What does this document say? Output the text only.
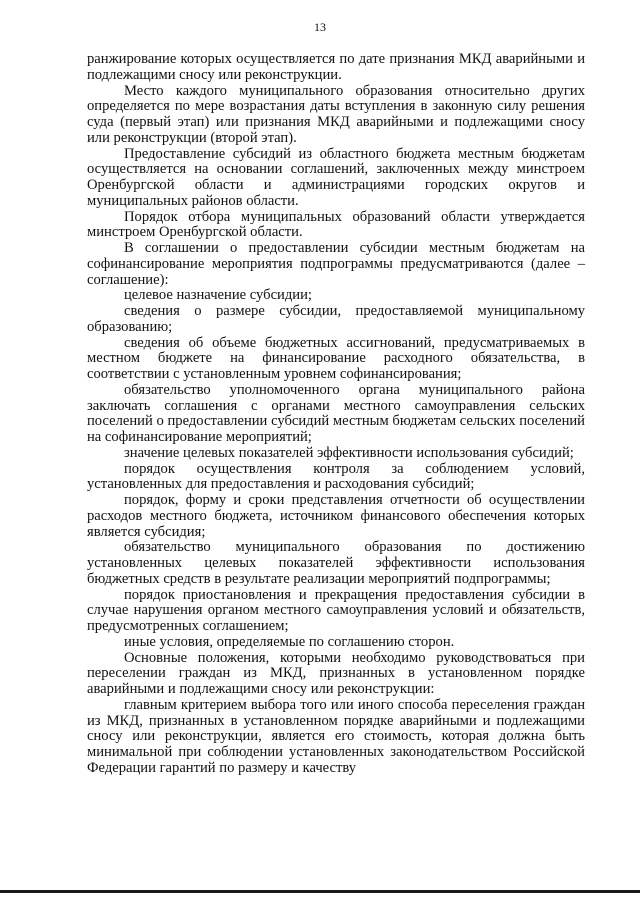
13

ранжирование которых осуществляется по дате признания МКД аварийными и подлежащими сносу или реконструкции.

Место каждого муниципального образования относительно других определяется по мере возрастания даты вступления в законную силу решения суда (первый этап) или признания МКД аварийными и подлежащими сносу или реконструкции (второй этап).

Предоставление субсидий из областного бюджета местным бюджетам осуществляется на основании соглашений, заключенных между минстроем Оренбургской области и администрациями городских округов и муниципальных районов области.

Порядок отбора муниципальных образований области утверждается минстроем Оренбургской области.

В соглашении о предоставлении субсидии местным бюджетам на софинансирование мероприятия подпрограммы предусматриваются (далее – соглашение):

целевое назначение субсидии;

сведения о размере субсидии, предоставляемой муниципальному образованию;

сведения об объеме бюджетных ассигнований, предусматриваемых в местном бюджете на финансирование расходного обязательства, в соответствии с установленным уровнем софинансирования;

обязательство уполномоченного органа муниципального района заключать соглашения с органами местного самоуправления сельских поселений о предоставлении субсидий местным бюджетам сельских поселений на софинансирование мероприятий;

значение целевых показателей эффективности использования субсидий;

порядок осуществления контроля за соблюдением условий, установленных для предоставления и расходования субсидий;

порядок, форму и сроки представления отчетности об осуществлении расходов местного бюджета, источником финансового обеспечения которых является субсидия;

обязательство муниципального образования по достижению установленных целевых показателей эффективности использования бюджетных средств в результате реализации мероприятий подпрограммы;

порядок приостановления и прекращения предоставления субсидии в случае нарушения органом местного самоуправления условий и обязательств, предусмотренных соглашением;

иные условия, определяемые по соглашению сторон.

Основные положения, которыми необходимо руководствоваться при переселении граждан из МКД, признанных в установленном порядке аварийными и подлежащими сносу или реконструкции:

главным критерием выбора того или иного способа переселения граждан из МКД, признанных в установленном порядке аварийными и подлежащими сносу или реконструкции, является его стоимость, которая должна быть минимальной при соблюдении установленных законодательством Российской Федерации гарантий по размеру и качеству
